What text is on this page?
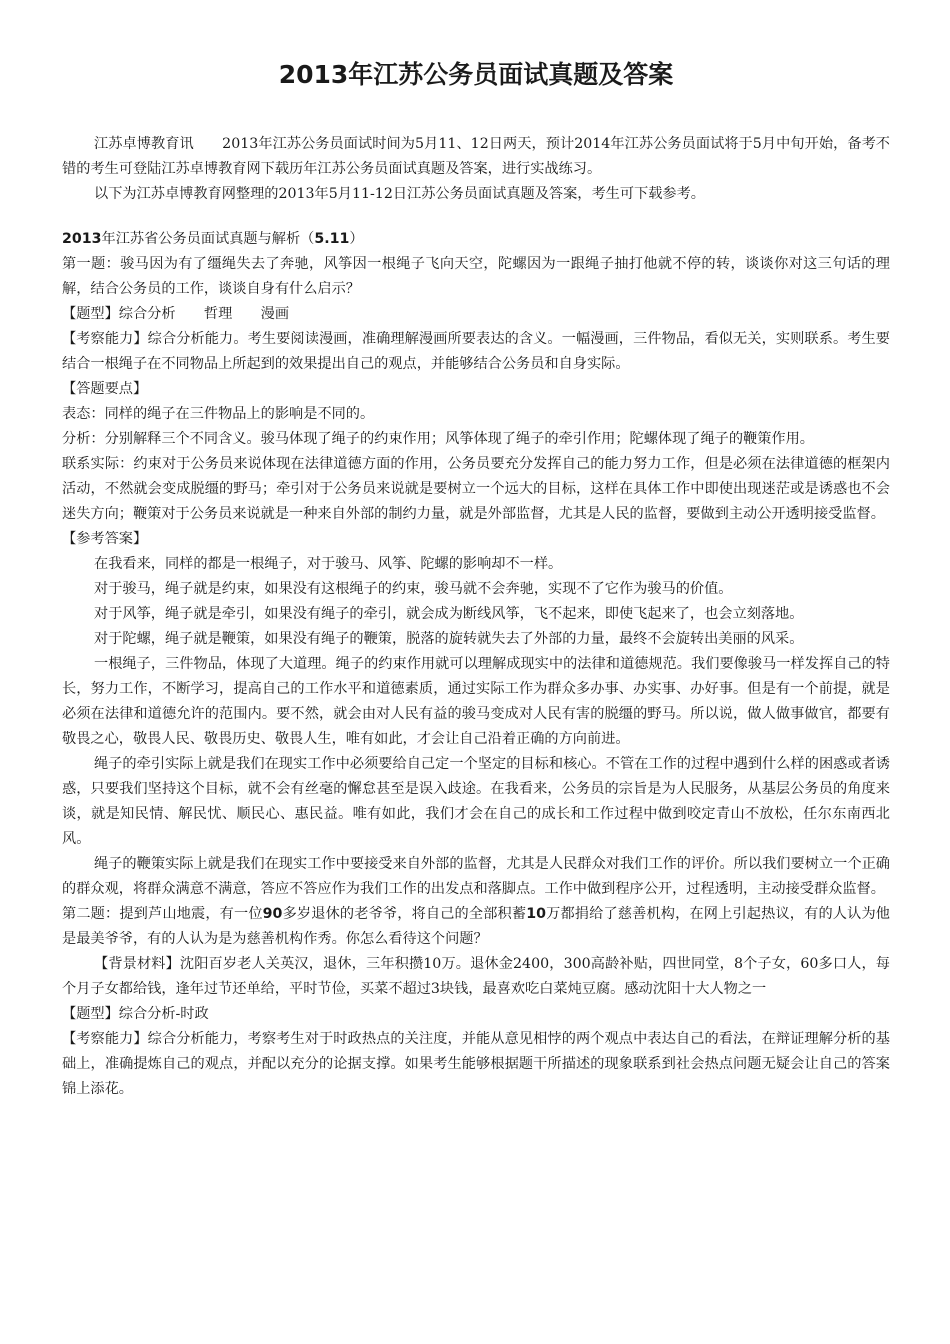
2013年江苏公务员面试真题及答案

江苏卓博教育讯　　2013年江苏公务员面试时间为5月11、12日两天，预计2014年江苏公务员面试将于5月中旬开始，备考不错的考生可登陆江苏卓博教育网下载历年江苏公务员面试真题及答案，进行实战练习。

以下为江苏卓博教育网整理的2013年5月11-12日江苏公务员面试真题及答案，考生可下载参考。

2013年江苏省公务员面试真题与解析（5.11）

第一题：骏马因为有了缰绳失去了奔驰，风筝因一根绳子飞向天空，陀螺因为一跟绳子抽打他就不停的转，谈谈你对这三句话的理解，结合公务员的工作，谈谈自身有什么启示？

【题型】综合分析　　哲理　　漫画

【考察能力】综合分析能力。考生要阅读漫画，准确理解漫画所要表达的含义。一幅漫画，三件物品，看似无关，实则联系。考生要结合一根绳子在不同物品上所起到的效果提出自己的观点，并能够结合公务员和自身实际。

【答题要点】

表态：同样的绳子在三件物品上的影响是不同的。

分析：分别解释三个不同含义。骏马体现了绳子的约束作用；风筝体现了绳子的牵引作用；陀螺体现了绳子的鞭策作用。

联系实际：约束对于公务员来说体现在法律道德方面的作用，公务员要充分发挥自己的能力努力工作，但是必须在法律道德的框架内活动，不然就会变成脱缰的野马；牵引对于公务员来说就是要树立一个远大的目标，这样在具体工作中即使出现迷茫或是诱惑也不会迷失方向；鞭策对于公务员来说就是一种来自外部的制约力量，就是外部监督，尤其是人民的监督，要做到主动公开透明接受监督。

【参考答案】

在我看来，同样的都是一根绳子，对于骏马、风筝、陀螺的影响却不一样。

对于骏马，绳子就是约束，如果没有这根绳子的约束，骏马就不会奔驰，实现不了它作为骏马的价值。

对于风筝，绳子就是牵引，如果没有绳子的牵引，就会成为断线风筝，飞不起来，即使飞起来了，也会立刻落地。

对于陀螺，绳子就是鞭策，如果没有绳子的鞭策，脱落的旋转就失去了外部的力量，最终不会旋转出美丽的风采。

一根绳子，三件物品，体现了大道理。绳子的约束作用就可以理解成现实中的法律和道德规范。我们要像骏马一样发挥自己的特长，努力工作，不断学习，提高自己的工作水平和道德素质，通过实际工作为群众多办事、办实事、办好事。但是有一个前提，就是必须在法律和道德允许的范围内。要不然，就会由对人民有益的骏马变成对人民有害的脱缰的野马。所以说，做人做事做官，都要有敬畏之心，敬畏人民、敬畏历史、敬畏人生，唯有如此，才会让自己沿着正确的方向前进。

绳子的牵引实际上就是我们在现实工作中必须要给自己定一个坚定的目标和核心。不管在工作的过程中遇到什么样的困惑或者诱惑，只要我们坚持这个目标，就不会有丝毫的懈怠甚至是误入歧途。在我看来，公务员的宗旨是为人民服务，从基层公务员的角度来谈，就是知民情、解民忧、顺民心、惠民益。唯有如此，我们才会在自己的成长和工作过程中做到咬定青山不放松，任尔东南西北风。

绳子的鞭策实际上就是我们在现实工作中要接受来自外部的监督，尤其是人民群众对我们工作的评价。所以我们要树立一个正确的群众观，将群众满意不满意，答应不答应作为我们工作的出发点和落脚点。工作中做到程序公开，过程透明，主动接受群众监督。

第二题：提到芦山地震，有一位90多岁退休的老爷爷，将自己的全部积蓄10万都捐给了慈善机构，在网上引起热议，有的人认为他是最美爷爷，有的人认为是为慈善机构作秀。你怎么看待这个问题？

【背景材料】沈阳百岁老人关英汉，退休，三年积攒10万。退休金2400，300高龄补贴，四世同堂，8个子女，60多口人，每个月子女都给钱，逢年过节还单给，平时节俭，买菜不超过3块钱，最喜欢吃白菜炖豆腐。感动沈阳十大人物之一

【题型】综合分析-时政

【考察能力】综合分析能力，考察考生对于时政热点的关注度，并能从意见相悖的两个观点中表达自己的看法，在辩证理解分析的基础上，准确提炼自己的观点，并配以充分的论据支撑。如果考生能够根据题干所描述的现象联系到社会热点问题无疑会让自己的答案锦上添花。
